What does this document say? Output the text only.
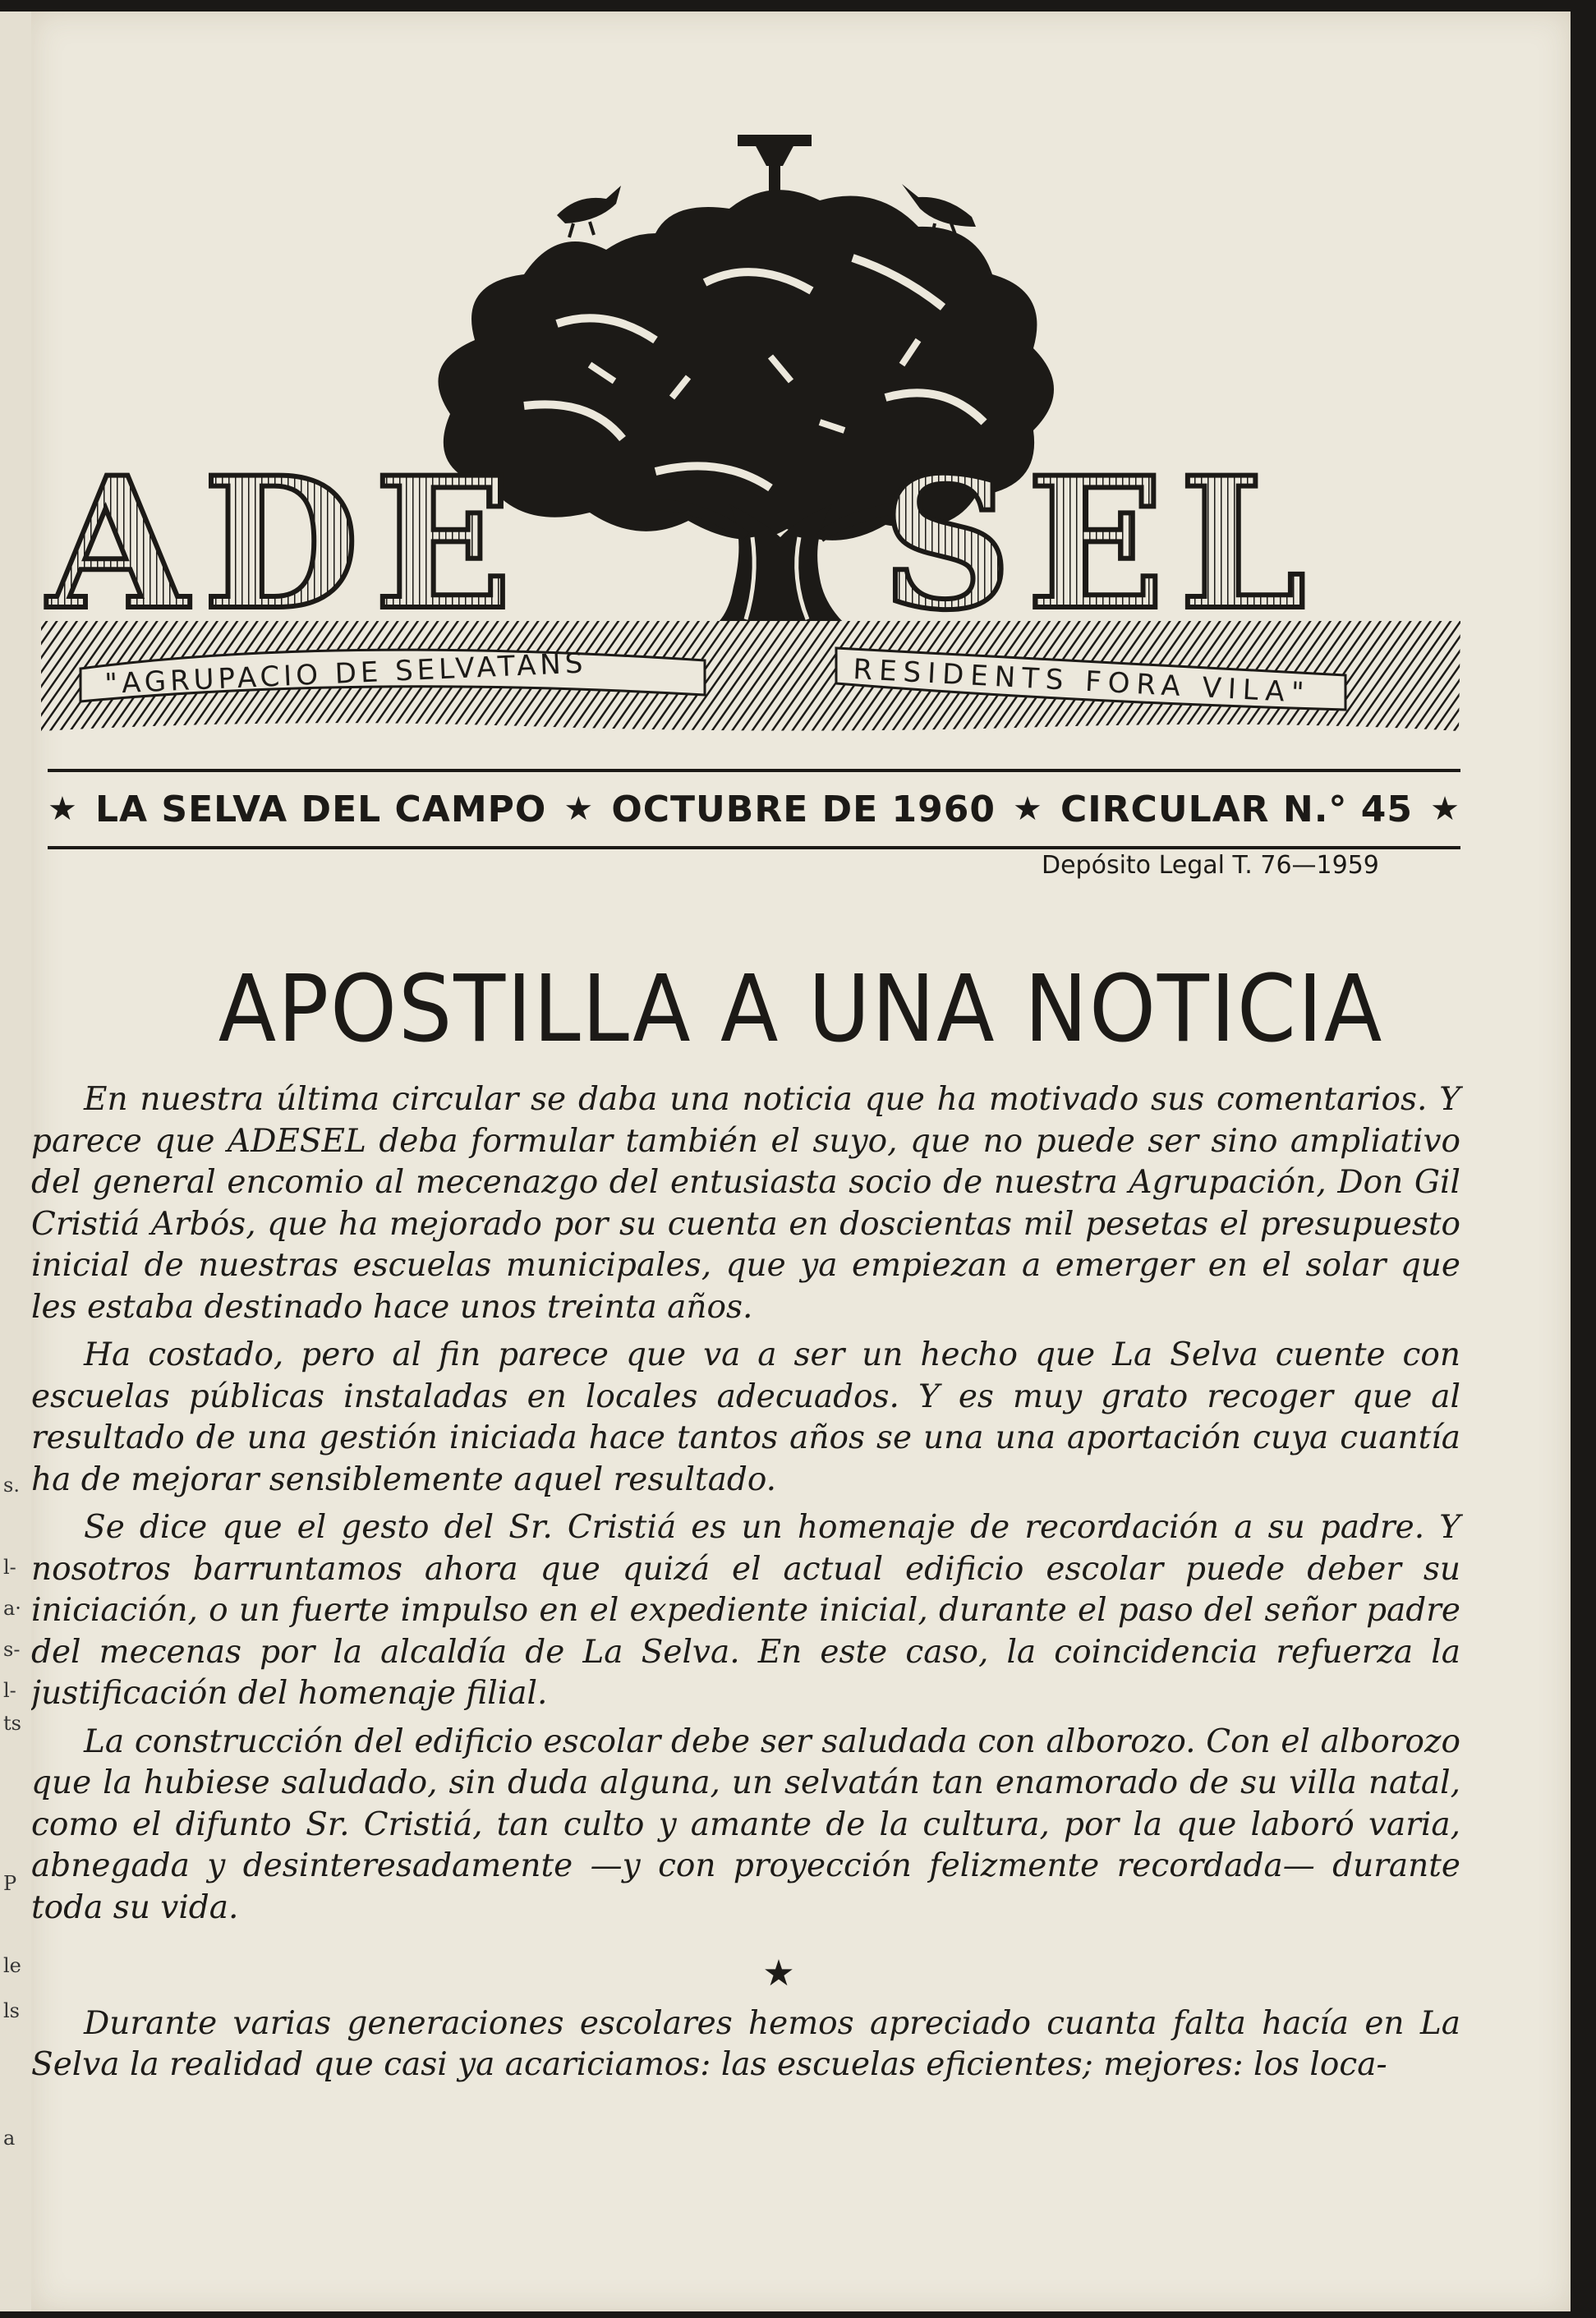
s.
l-
a·
s-
l-
ts
P
le
ls
a
"AGRUPACIO DE SELVATANS	RESIDENTS FORA VILA"
ADE SEL
★ LA SELVA DEL CAMPO ★ OCTUBRE DE 1960 ★ CIRCULAR N.° 45 ★
Depósito Legal T. 76—1959
APOSTILLA A UNA NOTICIA

En nuestra última circular se daba una noticia que ha motivado sus comentarios. Y parece que ADESEL deba formular también el suyo, que no puede ser sino ampliativo del general encomio al mecenazgo del entusiasta socio de nuestra Agrupación, Don Gil Cristiá Arbós, que ha mejorado por su cuenta en doscientas mil pesetas el presupuesto inicial de nuestras escuelas municipales, que ya empiezan a emerger en el solar que les estaba destinado hace unos treinta años.

Ha costado, pero al fin parece que va a ser un hecho que La Selva cuente con escuelas públicas instaladas en locales adecuados. Y es muy grato recoger que al resultado de una gestión iniciada hace tantos años se una una aportación cuya cuantía ha de mejorar sensiblemente aquel resultado.

Se dice que el gesto del Sr. Cristiá es un homenaje de recordación a su padre. Y nosotros barruntamos ahora que quizá el actual edificio escolar puede deber su iniciación, o un fuerte impulso en el expediente inicial, durante el paso del señor padre del mecenas por la alcaldía de La Selva. En este caso, la coincidencia refuerza la justificación del homenaje filial.

La construcción del edificio escolar debe ser saludada con alborozo. Con el alborozo que la hubiese saludado, sin duda alguna, un selvatán tan enamorado de su villa natal, como el difunto Sr. Cristiá, tan culto y amante de la cultura, por la que laboró varia, abnegada y desinteresadamente —y con proyección felizmente recordada— durante toda su vida.

★

Durante varias generaciones escolares hemos apreciado cuanta falta hacía en La Selva la realidad que casi ya acariciamos: las escuelas eficientes; mejores: los loca-
